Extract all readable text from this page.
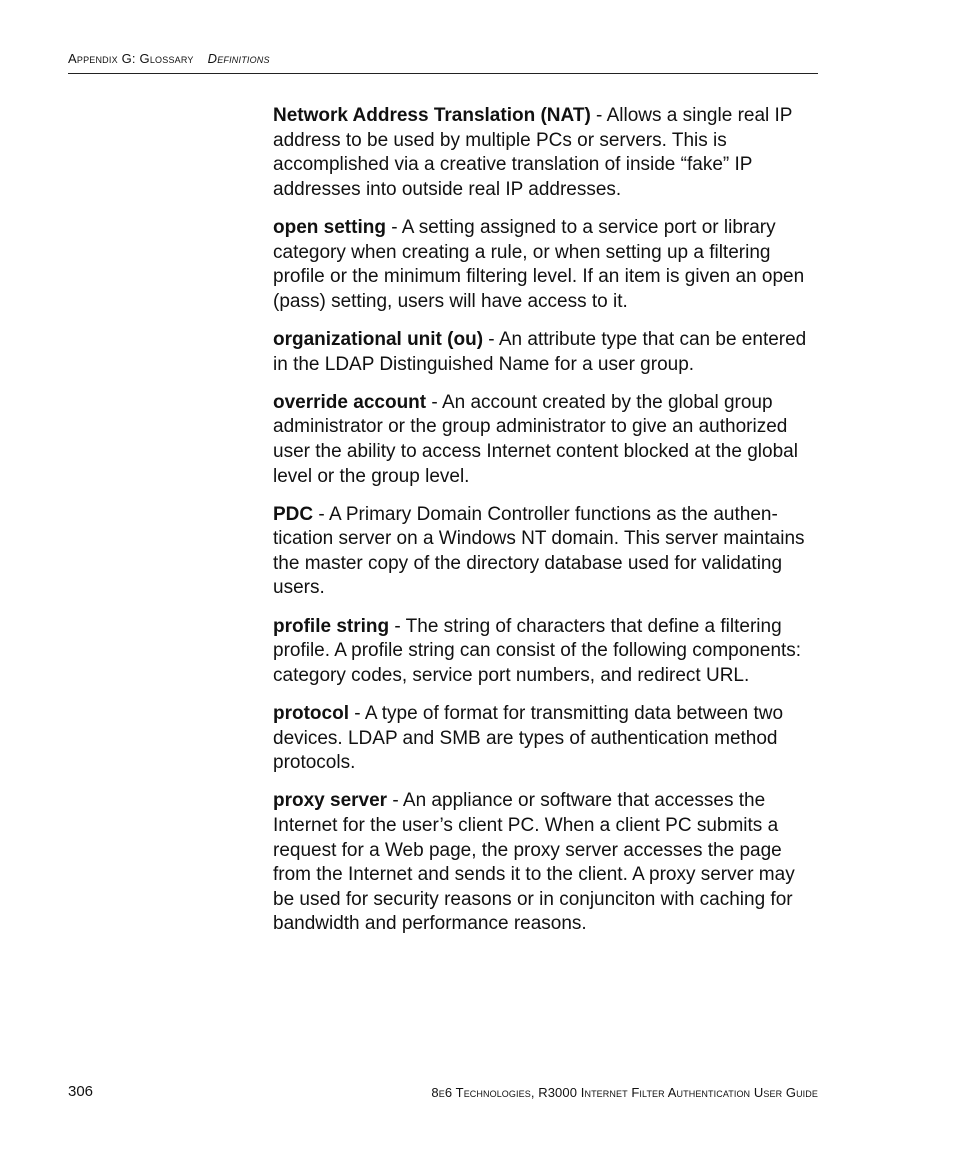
Appendix G: Glossary Definitions

Network Address Translation (NAT) - Allows a single real IP address to be used by multiple PCs or servers. This is accomplished via a creative translation of inside “fake” IP addresses into outside real IP addresses.

open setting - A setting assigned to a service port or library category when creating a rule, or when setting up a filtering profile or the minimum filtering level. If an item is given an open (pass) setting, users will have access to it.

organizational unit (ou) - An attribute type that can be entered in the LDAP Distinguished Name for a user group.

override account - An account created by the global group administrator or the group administrator to give an authorized user the ability to access Internet content blocked at the global level or the group level.

PDC - A Primary Domain Controller functions as the authentication server on a Windows NT domain. This server maintains the master copy of the directory database used for validating users.

profile string - The string of characters that define a filtering profile. A profile string can consist of the following components: category codes, service port numbers, and redirect URL.

protocol - A type of format for transmitting data between two devices. LDAP and SMB are types of authentication method protocols.

proxy server - An appliance or software that accesses the Internet for the user’s client PC. When a client PC submits a request for a Web page, the proxy server accesses the page from the Internet and sends it to the client. A proxy server may be used for security reasons or in conjunciton with caching for bandwidth and performance reasons.

306	8e6 Technologies, R3000 Internet Filter Authentication User Guide
